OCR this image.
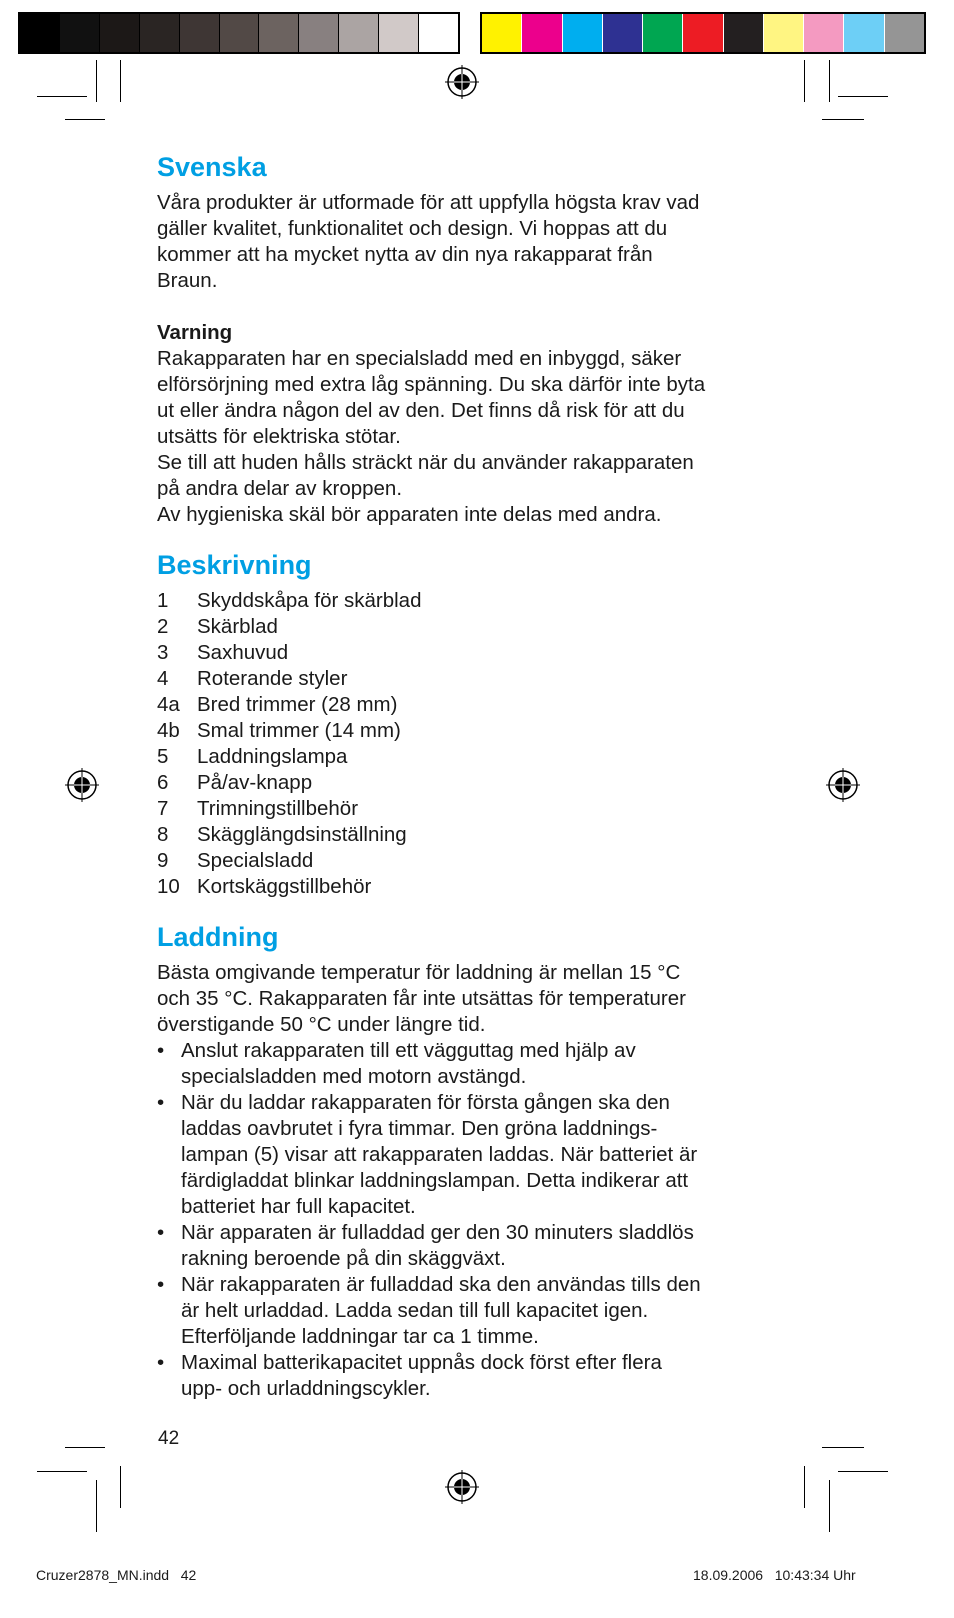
Svenska

Våra produkter är utformade för att uppfylla högsta krav vad

gäller kvalitet, funktionalitet och design. Vi hoppas att du

kommer att ha mycket nytta av din nya rakapparat från

Braun.

Varning

Rakapparaten har en specialsladd med en inbyggd, säker

elförsörjning med extra låg spänning. Du ska därför inte byta

ut eller ändra någon del av den. Det finns då risk för att du

utsätts för elektriska stötar.

Se till att huden hålls sträckt när du använder rakapparaten

på andra delar av kroppen.

Av hygieniska skäl bör apparaten inte delas med andra.

Beskrivning
1	Skyddskåpa för skärblad
2	Skärblad
3	Saxhuvud
4	Roterande styler
4a Bred trimmer (28 mm)
4b Smal trimmer (14 mm)
5	Laddningslampa
6	På/av-knapp
7	Trimningstillbehör
8	Skägglängdsinställning
9	Specialsladd
10 Kortskäggstillbehör
Laddning

Bästa omgivande temperatur för laddning är mellan 15 °C

och 35 °C. Rakapparaten får inte utsättas för temperaturer

överstigande 50 °C under längre tid.

• Anslut rakapparaten till ett vägguttag med hjälp av

specialsladden med motorn avstängd.

• När du laddar rakapparaten för första gången ska den

laddas oavbrutet i fyra timmar. Den gröna laddnings-

lampan (5) visar att rakapparaten laddas. När batteriet är

färdigladdat blinkar laddningslampan. Detta indikerar att

batteriet har full kapacitet.

• När apparaten är fulladdad ger den 30 minuters sladdlös

rakning beroende på din skäggväxt.

• När rakapparaten är fulladdad ska den användas tills den

är helt urladdad. Ladda sedan till full kapacitet igen.

Efterföljande laddningar tar ca 1 timme.

• Maximal batterikapacitet uppnås dock först efter flera

upp- och urladdningscykler.

42
Cruzer2878_MN.indd   42	18.09.2006   10:43:34 Uhr
